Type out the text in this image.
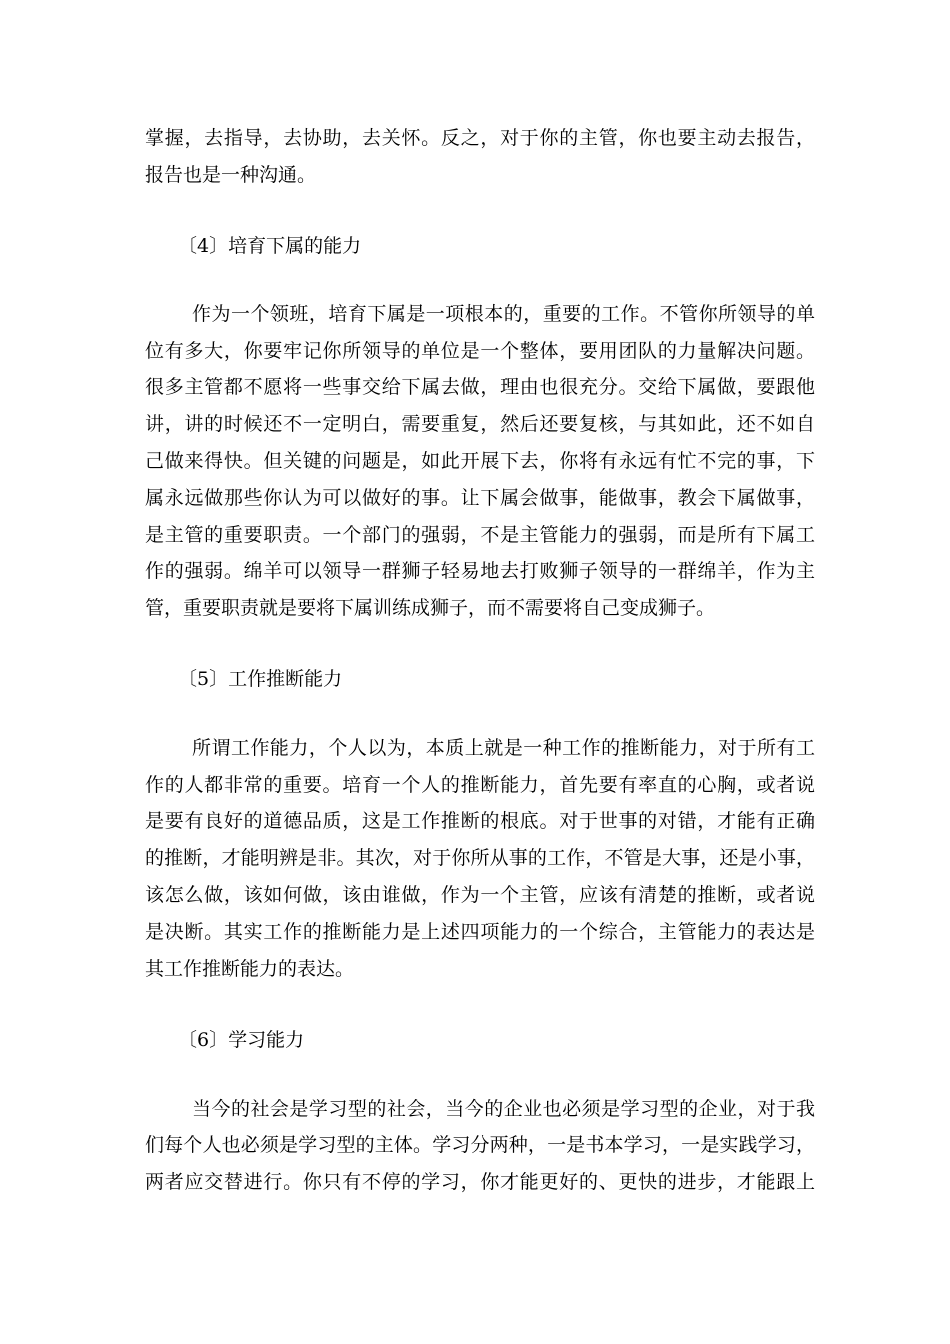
掌握，去指导，去协助，去关怀。反之，对于你的主管，你也要主动去报告，
报告也是一种沟通。
〔4〕培育下属的能力
作为一个领班，培育下属是一项根本的，重要的工作。不管你所领导的单
位有多大，你要牢记你所领导的单位是一个整体，要用团队的力量解决问题。
很多主管都不愿将一些事交给下属去做，理由也很充分。交给下属做，要跟他
讲，讲的时候还不一定明白，需要重复，然后还要复核，与其如此，还不如自
己做来得快。但关键的问题是，如此开展下去，你将有永远有忙不完的事，下
属永远做那些你认为可以做好的事。让下属会做事，能做事，教会下属做事，
是主管的重要职责。一个部门的强弱，不是主管能力的强弱，而是所有下属工
作的强弱。绵羊可以领导一群狮子轻易地去打败狮子领导的一群绵羊，作为主
管，重要职责就是要将下属训练成狮子，而不需要将自己变成狮子。
〔5〕工作推断能力
所谓工作能力，个人以为，本质上就是一种工作的推断能力，对于所有工
作的人都非常的重要。培育一个人的推断能力，首先要有率直的心胸，或者说
是要有良好的道德品质，这是工作推断的根底。对于世事的对错，才能有正确
的推断，才能明辨是非。其次，对于你所从事的工作，不管是大事，还是小事，
该怎么做，该如何做，该由谁做，作为一个主管，应该有清楚的推断，或者说
是决断。其实工作的推断能力是上述四项能力的一个综合，主管能力的表达是
其工作推断能力的表达。
〔6〕学习能力
当今的社会是学习型的社会，当今的企业也必须是学习型的企业，对于我
们每个人也必须是学习型的主体。学习分两种，一是书本学习，一是实践学习，
两者应交替进行。你只有不停的学习，你才能更好的、更快的进步，才能跟上
